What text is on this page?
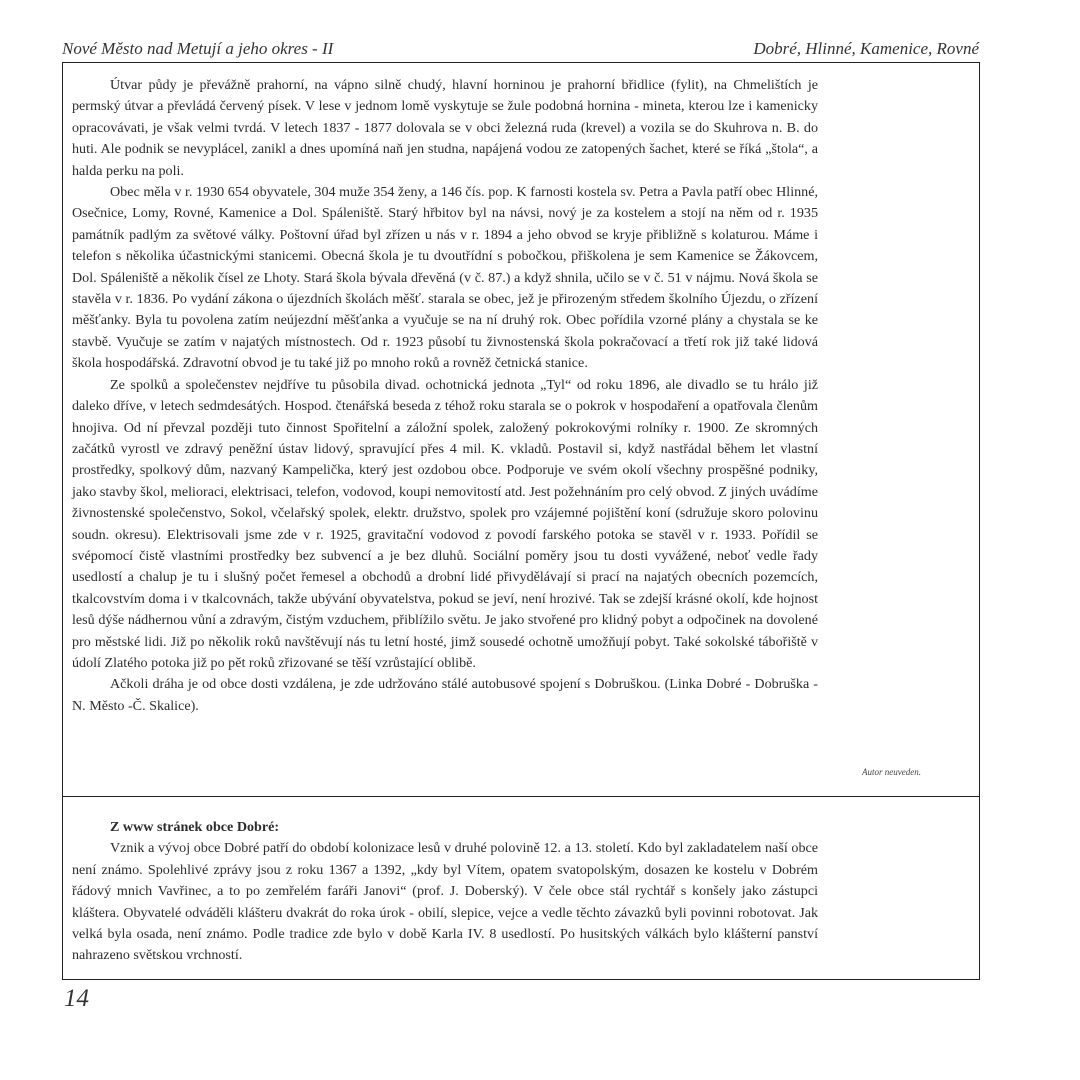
Nové Město nad Metují a jeho okres - II	Dobré, Hlinné, Kamenice, Rovné

Útvar půdy je převážně prahorní, na vápno silně chudý, hlavní horninou je prahorní břidlice (fylit), na Chmelištích je permský útvar a převládá červený písek. V lese v jednom lomě vyskytuje se žule podobná hornina - mineta, kterou lze i kamenicky opracovávati, je však velmi tvrdá. V letech 1837 - 1877 dolovala se v obci železná ruda (krevel) a vozila se do Skuhrova n. B. do huti. Ale podnik se nevyplácel, zanikl a dnes upomíná naň jen studna, napájená vodou ze zatopených šachet, které se říká „štola“, a halda perku na poli.

Obec měla v r. 1930 654 obyvatele, 304 muže 354 ženy, a 146 čís. pop. K farnosti kostela sv. Petra a Pavla patří obec Hlinné, Osečnice, Lomy, Rovné, Kamenice a Dol. Spáleniště. Starý hřbitov byl na návsi, nový je za kostelem a stojí na něm od r. 1935 památník padlým za světové války. Poštovní úřad byl zřízen u nás v r. 1894 a jeho obvod se kryje přibližně s kolaturou. Máme i telefon s několika účastnickými stanicemi. Obecná škola je tu dvoutřídní s pobočkou, přiškolena je sem Kamenice se Žákovcem, Dol. Spáleniště a několik čísel ze Lhoty. Stará škola bývala dřevěná (v č. 87.) a když shnila, učilo se v č. 51 v nájmu. Nová škola se stavěla v r. 1836. Po vydání zákona o újezdních školách měšť. starala se obec, jež je přirozeným středem školního Újezdu, o zřízení měšťanky. Byla tu povolena zatím neújezdní měšťanka a vyučuje se na ní druhý rok. Obec pořídila vzorné plány a chystala se ke stavbě. Vyučuje se zatím v najatých místnostech. Od r. 1923 působí tu živnostenská škola pokračovací a třetí rok již také lidová škola hospodářská. Zdravotní obvod je tu také již po mnoho roků a rovněž četnická stanice.

Ze spolků a společenstev nejdříve tu působila divad. ochotnická jednota „Tyl“ od roku 1896, ale divadlo se tu hrálo již daleko dříve, v letech sedmdesátých. Hospod. čtenářská beseda z téhož roku starala se o pokrok v hospodaření a opatřovala členům hnojiva. Od ní převzal později tuto činnost Spořitelní a záložní spolek, založený pokrokovými rolníky r. 1900. Ze skromných začátků vyrostl ve zdravý peněžní ústav lidový, spravující přes 4 mil. K. vkladů. Postavil si, když nastřádal během let vlastní prostředky, spolkový dům, nazvaný Kampelička, který jest ozdobou obce. Podporuje ve svém okolí všechny prospěšné podniky, jako stavby škol, melioraci, elektrisaci, telefon, vodovod, koupi nemovitostí atd. Jest požehnáním pro celý obvod. Z jiných uvádíme živnostenské společenstvo, Sokol, včelařský spolek, elektr. družstvo, spolek pro vzájemné pojištění koní (sdružuje skoro polovinu soudn. okresu). Elektrisovali jsme zde v r. 1925, gravitační vodovod z povodí farského potoka se stavěl v r. 1933. Pořídil se svépomocí čistě vlastními prostředky bez subvencí a je bez dluhů. Sociální poměry jsou tu dosti vyvážené, neboť vedle řady usedlostí a chalup je tu i slušný počet řemesel a obchodů a drobní lidé přivydělávají si prací na najatých obecních pozemcích, tkalcovstvím doma i v tkalcovnách, takže ubývání obyvatelstva, pokud se jeví, není hrozivé. Tak se zdejší krásné okolí, kde hojnost lesů dýše nádhernou vůní a zdravým, čistým vzduchem, přiblížilo světu. Je jako stvořené pro klidný pobyt a odpočinek na dovolené pro městské lidi. Již po několik roků navštěvují nás tu letní hosté, jimž sousedé ochotně umožňují pobyt. Také sokolské tábořiště v údolí Zlatého potoka již po pět roků zřizované se těší vzrůstající oblibě.

Ačkoli dráha je od obce dosti vzdálena, je zde udržováno stálé autobusové spojení s Dobruškou. (Linka Dobré - Dobruška - N. Město -Č. Skalice).

Autor neuveden.

Z www stránek obce Dobré:

Vznik a vývoj obce Dobré patří do období kolonizace lesů v druhé polovině 12. a 13. století. Kdo byl zakladatelem naší obce není známo. Spolehlivé zprávy jsou z roku 1367 a 1392, „kdy byl Vítem, opatem svatopolským, dosazen ke kostelu v Dobrém řádový mnich Vavřinec, a to po zemřelém faráři Janovi“ (prof. J. Doberský). V čele obce stál rychtář s konšely jako zástupci kláštera. Obyvatelé odváděli klášteru dvakrát do roka úrok - obilí, slepice, vejce a vedle těchto závazků byli povinni robotovat. Jak velká byla osada, není známo. Podle tradice zde bylo v době Karla IV. 8 usedlostí. Po husitských válkách bylo klášterní panství nahrazeno světskou vrchností.

14
